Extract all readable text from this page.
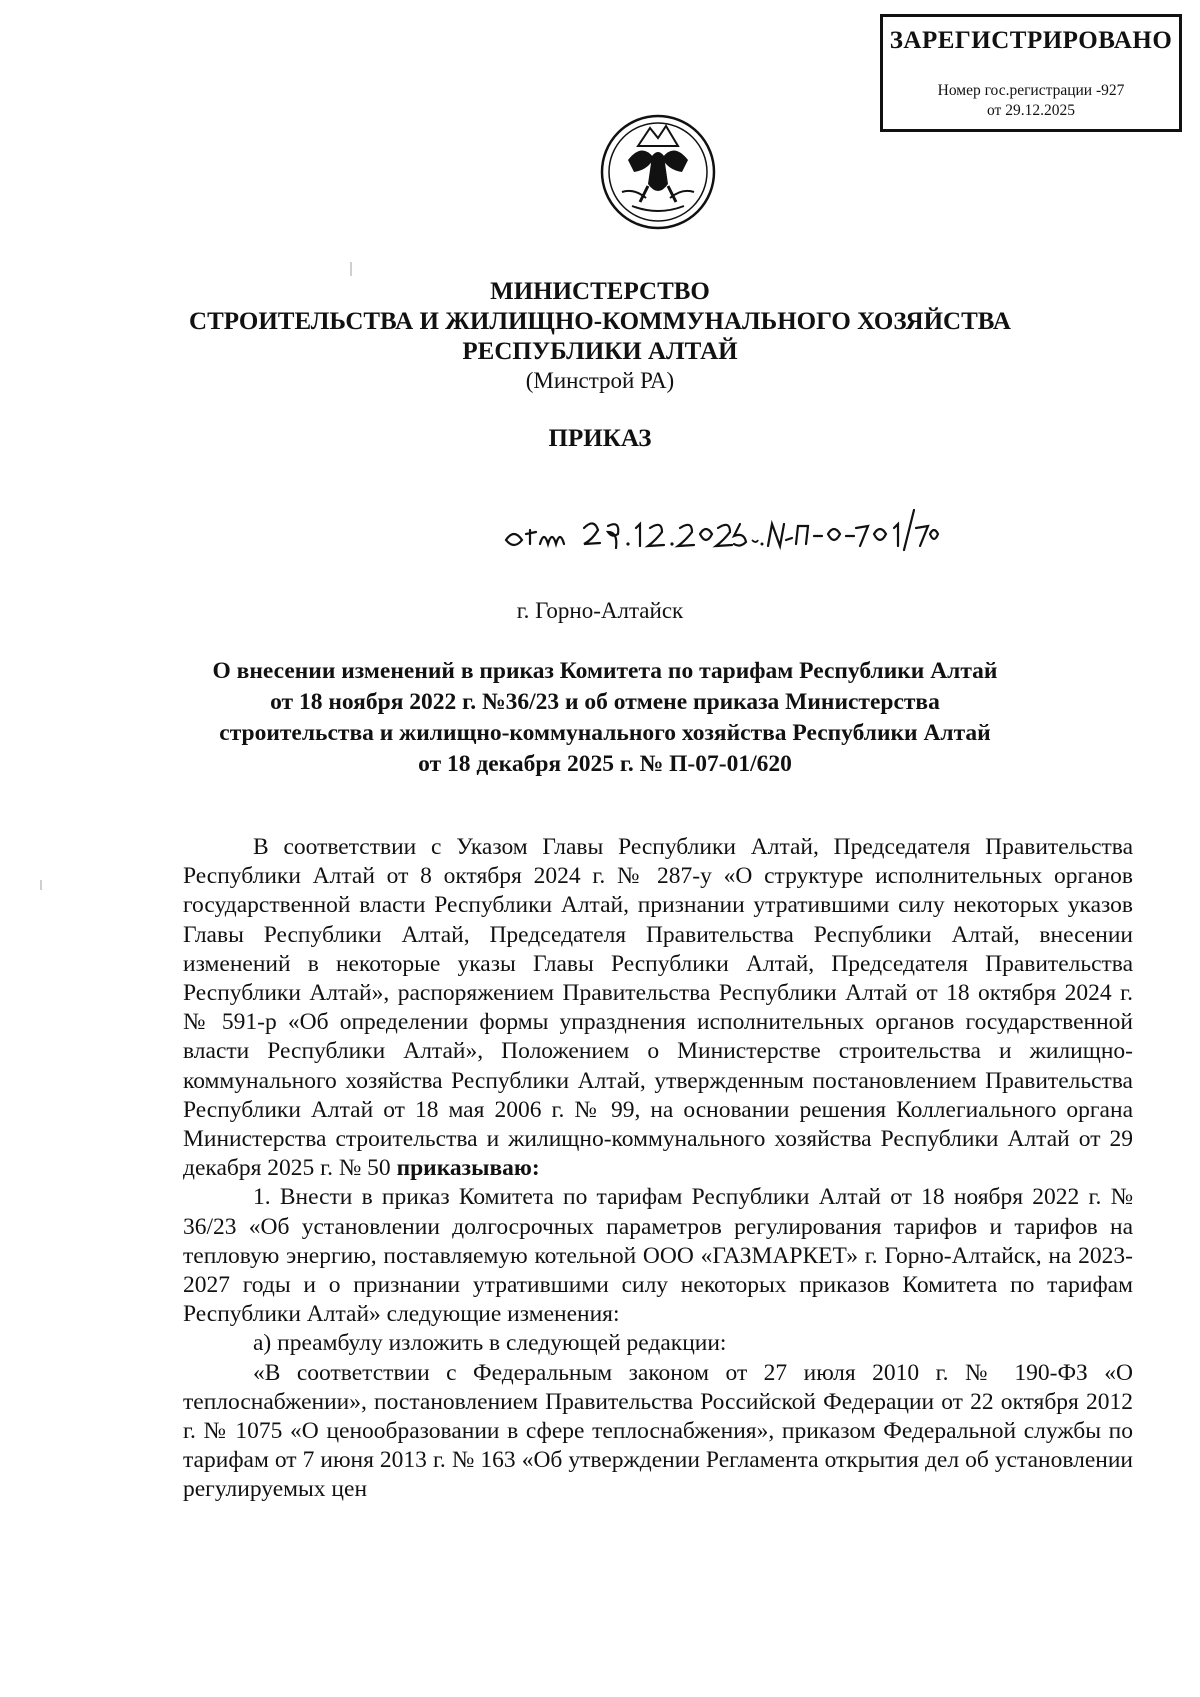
ЗАРЕГИСТРИРОВАНО
Номер гос.регистрации -927
от 29.12.2025
МИНИСТЕРСТВО
СТРОИТЕЛЬСТВА И ЖИЛИЩНО-КОММУНАЛЬНОГО ХОЗЯЙСТВА
РЕСПУБЛИКИ АЛТАЙ
(Минстрой РА)
ПРИКАЗ
г. Горно-Алтайск
О внесении изменений в приказ Комитета по тарифам Республики Алтай
от 18 ноября 2022 г. №36/23 и об отмене приказа Министерства
строительства и жилищно-коммунального хозяйства Республики Алтай
от 18 декабря 2025 г. № П-07-01/620

В соответствии с Указом Главы Республики Алтай, Председателя Правительства Республики Алтай от 8 октября 2024 г. № 287-у «О структуре исполнительных органов государственной власти Республики Алтай, признании утратившими силу некоторых указов Главы Республики Алтай, Председателя Правительства Республики Алтай, внесении изменений в некоторые указы Главы Республики Алтай, Председателя Правительства Республики Алтай», распоряжением Правительства Республики Алтай от 18 октября 2024 г. № 591-р «Об определении формы упразднения исполнительных органов государственной власти Республики Алтай», Положением о Министерстве строительства и жилищно-коммунального хозяйства Республики Алтай, утвержденным постановлением Правительства Республики Алтай от 18 мая 2006 г. № 99, на основании решения Коллегиального органа Министерства строительства и жилищно-коммунального хозяйства Республики Алтай от 29 декабря 2025 г. № 50 приказываю:

1. Внести в приказ Комитета по тарифам Республики Алтай от 18 ноября 2022 г. № 36/23 «Об установлении долгосрочных параметров регулирования тарифов и тарифов на тепловую энергию, поставляемую котельной ООО «ГАЗМАРКЕТ» г. Горно-Алтайск, на 2023-2027 годы и о признании утратившими силу некоторых приказов Комитета по тарифам Республики Алтай» следующие изменения:

а) преамбулу изложить в следующей редакции:

«В соответствии с Федеральным законом от 27 июля 2010 г. № 190-ФЗ «О теплоснабжении», постановлением Правительства Российской Федерации от 22 октября 2012 г. № 1075 «О ценообразовании в сфере теплоснабжения», приказом Федеральной службы по тарифам от 7 июня 2013 г. № 163 «Об утверждении Регламента открытия дел об установлении регулируемых цен
